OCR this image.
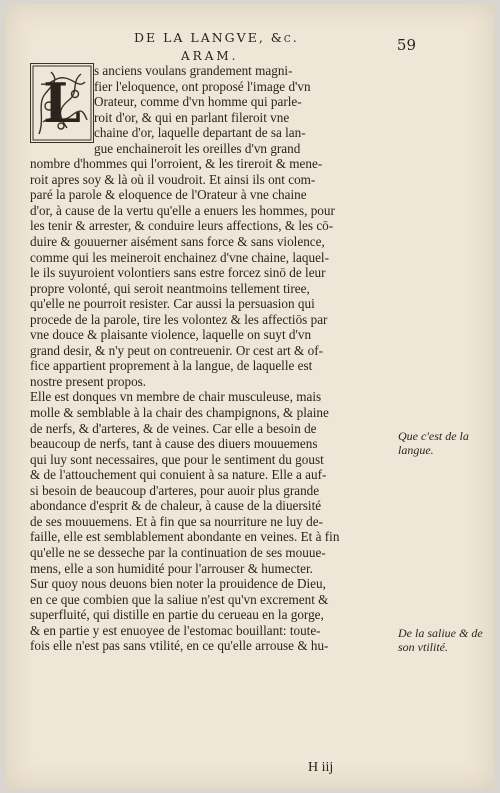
DE LA LANGVE, &c.	59
ARAM.
Que c'est de la langue.
De la saliue & de son vtilité.
H iij
L
s anciens voulans grandement magni-
fier l'eloquence, ont proposé l'image d'vn
Orateur, comme d'vn homme qui parle-
roit d'or, & qui en parlant fileroit vne
chaine d'or, laquelle departant de sa lan-
gue enchaineroit les oreilles d'vn grand
nombre d'hommes qui l'orroient, & les tireroit & mene-
roit apres soy & là où il voudroit. Et ainsi ils ont com-
paré la parole & eloquence de l'Orateur à vne chaine
d'or, à cause de la vertu qu'elle a enuers les hommes, pour
les tenir & arrester, & conduire leurs affections, & les cō-
duire & gouuerner aisément sans force & sans violence,
comme qui les meineroit enchainez d'vne chaine, laquel-
le ils suyuroient volontiers sans estre forcez sinō de leur
propre volonté, qui seroit neantmoins tellement tiree,
qu'elle ne pourroit resister. Car aussi la persuasion qui
procede de la parole, tire les volontez & les affectiōs par
vne douce & plaisante violence, laquelle on suyt d'vn
grand desir, & n'y peut on contreuenir. Or cest art & of-
fice appartient proprement à la langue, de laquelle est
nostre present propos.
Elle est donques vn membre de chair musculeuse, mais
molle & semblable à la chair des champignons, & plaine
de nerfs, & d'arteres, & de veines. Car elle a besoin de
beaucoup de nerfs, tant à cause des diuers mouuemens
qui luy sont necessaires, que pour le sentiment du goust
& de l'attouchement qui conuient à sa nature. Elle a auf-
si besoin de beaucoup d'arteres, pour auoir plus grande
abondance d'esprit & de chaleur, à cause de la diuersité
de ses mouuemens. Et à fin que sa nourriture ne luy de-
faille, elle est semblablement abondante en veines. Et à fin
qu'elle ne se desseche par la continuation de ses mouue-
mens, elle a son humidité pour l'arrouser & humecter.
Sur quoy nous deuons bien noter la prouidence de Dieu,
en ce que combien que la saliue n'est qu'vn excrement &
superfluité, qui distille en partie du cerueau en la gorge,
& en partie y est enuoyee de l'estomac bouillant: toute-
fois elle n'est pas sans vtilité, en ce qu'elle arrouse & hu-
